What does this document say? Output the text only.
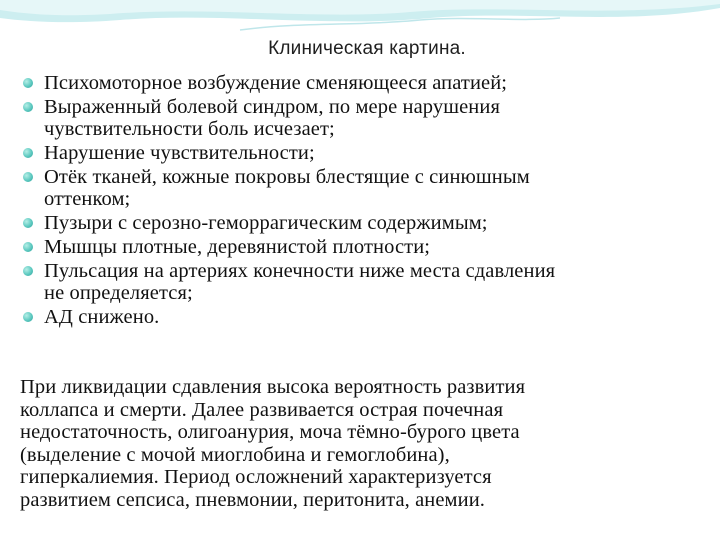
Клиническая картина.
Психомоторное возбуждение сменяющееся апатией;
Выраженный болевой синдром, по мере нарушения
чувствительности боль исчезает;
Нарушение чувствительности;
Отёк тканей, кожные покровы блестящие с синюшным
оттенком;
Пузыри с серозно-геморрагическим содержимым;
Мышцы плотные, деревянистой плотности;
Пульсация на артериях конечности ниже места сдавления
не определяется;
АД снижено.
При ликвидации сдавления высока вероятность развития
коллапса и смерти. Далее развивается острая почечная
недостаточность, олигоанурия, моча тёмно-бурого цвета
(выделение с мочой миоглобина и гемоглобина),
гиперкалиемия. Период осложнений характеризуется
развитием сепсиса, пневмонии, перитонита, анемии.
